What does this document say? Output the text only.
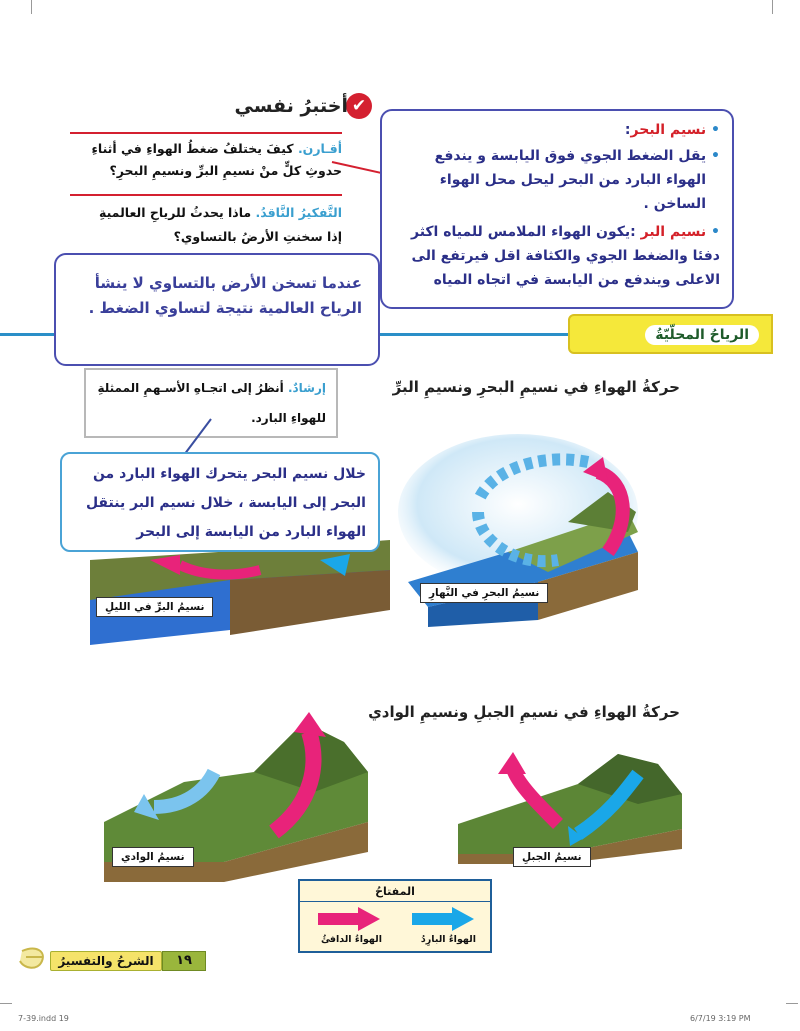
✔
أختبرُ نفسي
أقـارن. كيفَ يختلفُ ضغطُ الهواءِ في أثناءِ
حدوثِ كلٍّ منْ نسيمِ البرِّ ونسيمِ البحرِ؟
التَّفكيرُ النَّاقدُ. ماذا يحدثُ للرياحِ العالميةِ
إذا سخنتِ الأرضُ بالتساوي؟
• نسيم البحر:
• يقل الضغط الجوي فوق اليابسة و يندفع
الهواء البارد من البحر ليحل محل الهواء
الساخن .
• نسيم البر :يكون الهواء الملامس للمياه اكثر
دفئا والضغط الجوي والكثافة اقل فيرتفع الى
الاعلى ويندفع من اليابسة في اتجاه المياه
الرياحُ المحلّيّةُ
عندما تسخن الأرض بالتساوي لا ينشأ الرياح العالمية نتيجة لتساوي الضغط .
إرشادٌ. أنظرُ إلى اتجـاهِ الأسـهمِ الممثلةِ
للهواءِ البارد.
حركةُ الهواءِ في نسيمِ البحرِ ونسيمِ البرِّ
نسيمُ البحرِ في النَّهارِ
نسيمُ البرِّ في الليلِ
خلال نسيم البحر يتحرك الهواء البارد من البحر إلى اليابسة ، خلال نسيم البر ينتقل الهواء البارد من اليابسة إلى البحر
حركةُ الهواءِ في نسيمِ الجبلِ ونسيمِ الوادي
نسيمُ الوادي	نسيمُ الجبلِ
المفتاحُ
الهواءُ البارِدُ
الهواءُ الدافئُ
الشرحُ والتفسيرُ	١٩
7-39.indd 19	6/7/19 3:19 PM
